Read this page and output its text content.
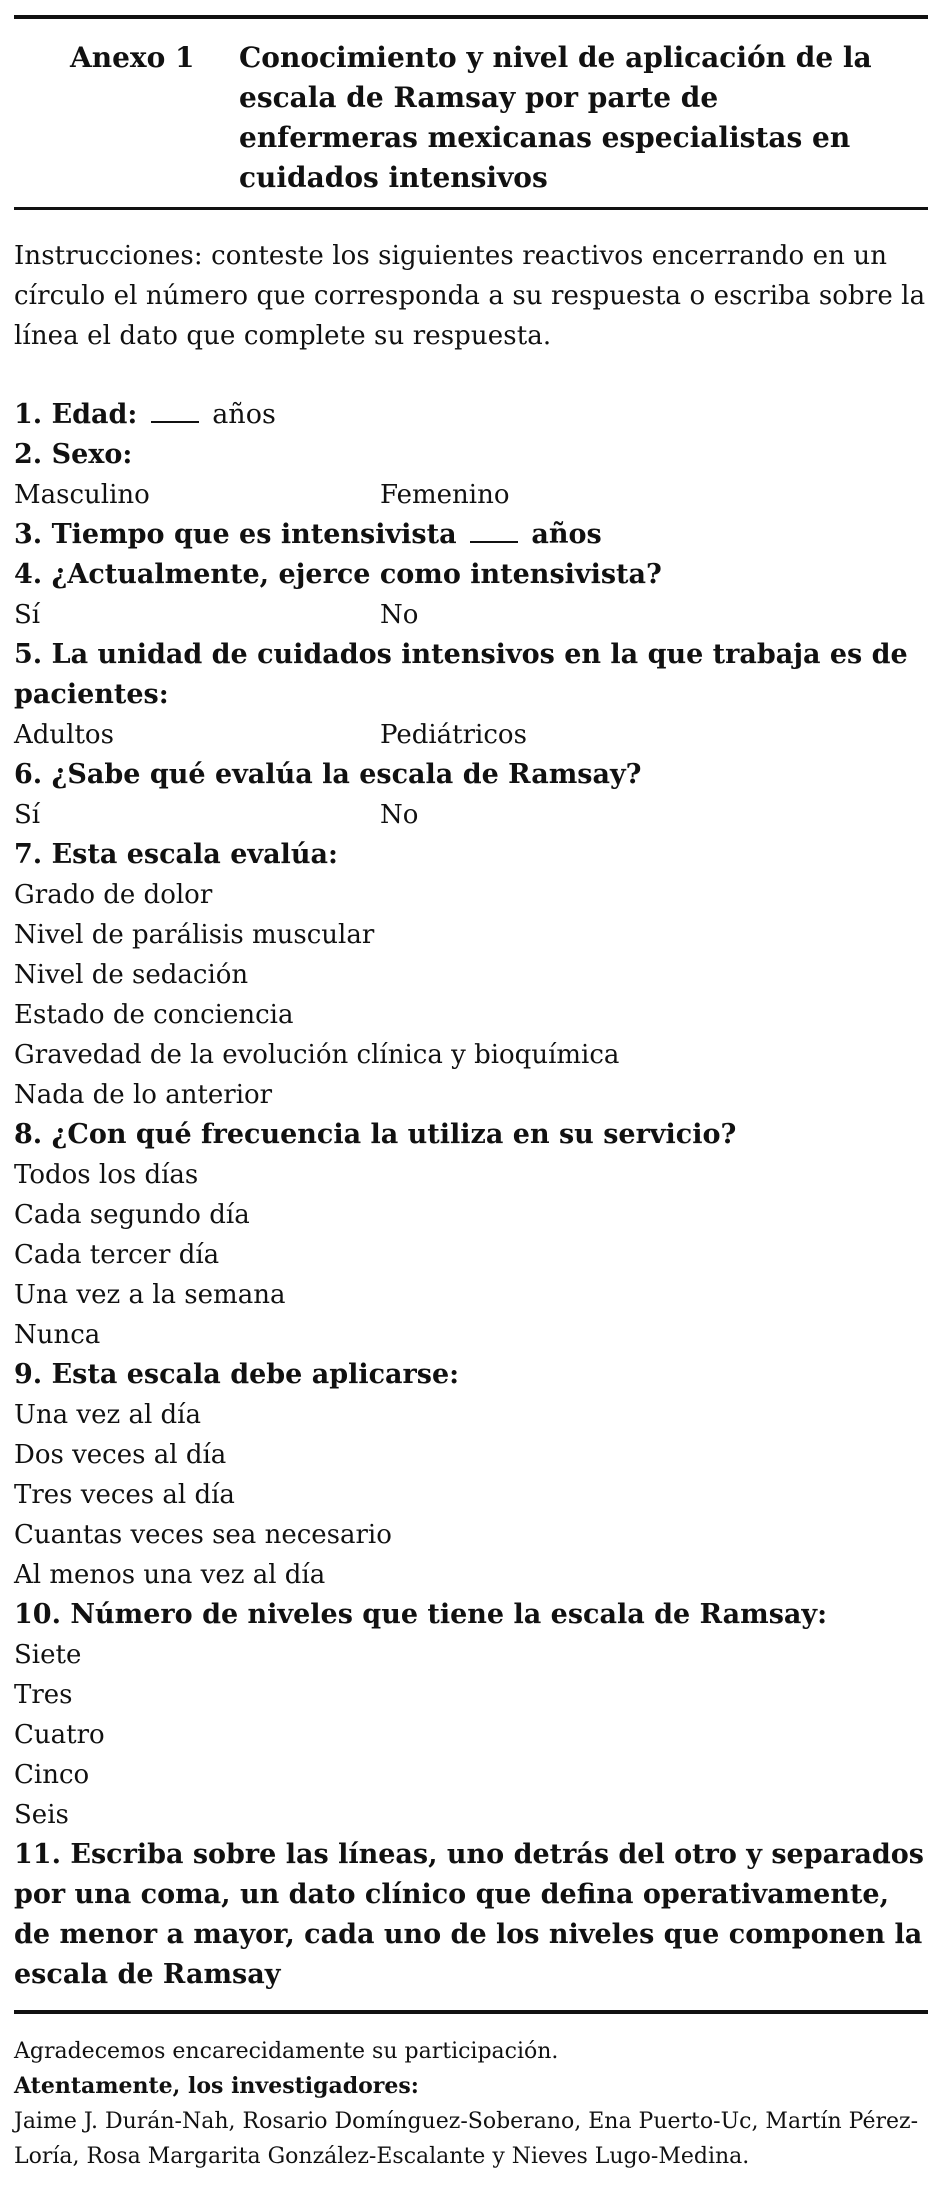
Anexo 1 Conocimiento y nivel de aplicación de la escala de Ramsay por parte de enfermeras mexicanas especialistas en cuidados intensivos
Instrucciones: conteste los siguientes reactivos encerrando en un círculo el número que corresponda a su respuesta o escriba sobre la línea el dato que complete su respuesta.
1. Edad:	años
2. Sexo:
Masculino	Femenino
3. Tiempo que es intensivista	años
4. ¿Actualmente, ejerce como intensivista?
Sí	No
5. La unidad de cuidados intensivos en la que trabaja es de pacientes:
Adultos	Pediátricos
6. ¿Sabe qué evalúa la escala de Ramsay?
Sí	No
7. Esta escala evalúa:
Grado de dolor
Nivel de parálisis muscular
Nivel de sedación
Estado de conciencia
Gravedad de la evolución clínica y bioquímica
Nada de lo anterior
8. ¿Con qué frecuencia la utiliza en su servicio?
Todos los días
Cada segundo día
Cada tercer día
Una vez a la semana
Nunca
9. Esta escala debe aplicarse:
Una vez al día
Dos veces al día
Tres veces al día
Cuantas veces sea necesario
Al menos una vez al día
10. Número de niveles que tiene la escala de Ramsay:
Siete
Tres
Cuatro
Cinco
Seis
11. Escriba sobre las líneas, uno detrás del otro y separados por una coma, un dato clínico que defina operativamente, de menor a mayor, cada uno de los niveles que componen la escala de Ramsay
Agradecemos encarecidamente su participación.
Atentamente, los investigadores:
Jaime J. Durán-Nah, Rosario Domínguez-Soberano, Ena Puerto-Uc, Martín Pérez-Loría, Rosa Margarita González-Escalante y Nieves Lugo-Medina.
